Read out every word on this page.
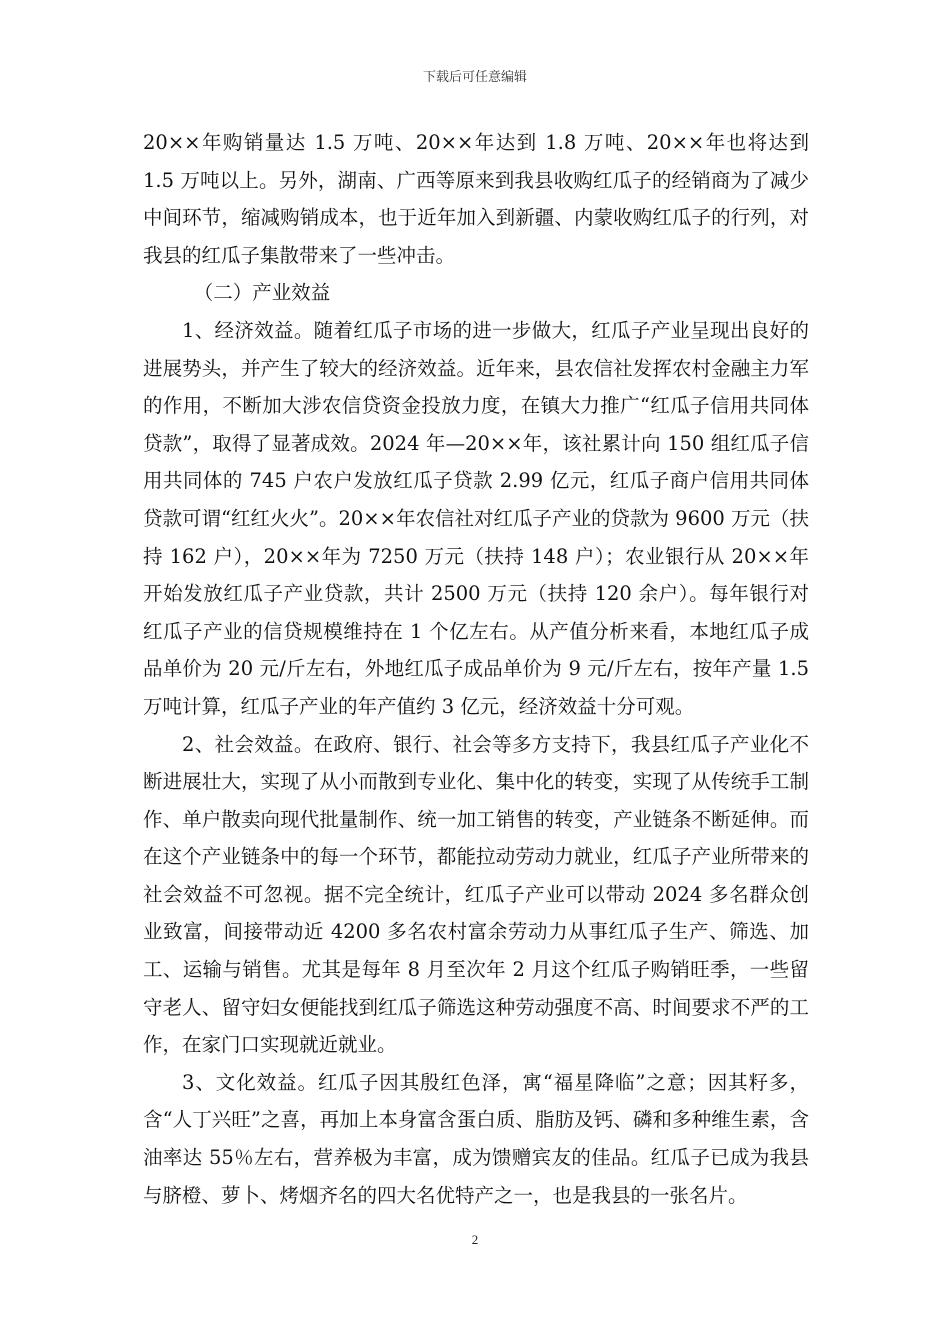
下载后可任意编辑

20××年购销量达 1.5 万吨、20××年达到 1.8 万吨、20××年也将达到 1.5 万吨以上。另外，湖南、广西等原来到我县收购红瓜子的经销商为了减少中间环节，缩减购销成本，也于近年加入到新疆、内蒙收购红瓜子的行列，对我县的红瓜子集散带来了一些冲击。

（二）产业效益

1、经济效益。随着红瓜子市场的进一步做大，红瓜子产业呈现出良好的进展势头，并产生了较大的经济效益。近年来，县农信社发挥农村金融主力军的作用，不断加大涉农信贷资金投放力度，在镇大力推广“红瓜子信用共同体贷款”，取得了显著成效。2024 年—20××年，该社累计向 150 组红瓜子信用共同体的 745 户农户发放红瓜子贷款 2.99 亿元，红瓜子商户信用共同体贷款可谓“红红火火”。20××年农信社对红瓜子产业的贷款为 9600 万元（扶持 162 户），20××年为 7250 万元（扶持 148 户）；农业银行从 20××年开始发放红瓜子产业贷款，共计 2500 万元（扶持 120 余户）。每年银行对红瓜子产业的信贷规模维持在 1 个亿左右。从产值分析来看，本地红瓜子成品单价为 20 元/斤左右，外地红瓜子成品单价为 9 元/斤左右，按年产量 1.5 万吨计算，红瓜子产业的年产值约 3 亿元，经济效益十分可观。

2、社会效益。在政府、银行、社会等多方支持下，我县红瓜子产业化不断进展壮大，实现了从小而散到专业化、集中化的转变，实现了从传统手工制作、单户散卖向现代批量制作、统一加工销售的转变，产业链条不断延伸。而在这个产业链条中的每一个环节，都能拉动劳动力就业，红瓜子产业所带来的社会效益不可忽视。据不完全统计，红瓜子产业可以带动 2024 多名群众创业致富，间接带动近 4200 多名农村富余劳动力从事红瓜子生产、筛选、加工、运输与销售。尤其是每年 8 月至次年 2 月这个红瓜子购销旺季，一些留守老人、留守妇女便能找到红瓜子筛选这种劳动强度不高、时间要求不严的工作，在家门口实现就近就业。

3、文化效益。红瓜子因其殷红色泽，寓“福星降临”之意；因其籽多，含“人丁兴旺”之喜，再加上本身富含蛋白质、脂肪及钙、磷和多种维生素，含油率达 55％左右，营养极为丰富，成为馈赠宾友的佳品。红瓜子已成为我县与脐橙、萝卜、烤烟齐名的四大名优特产之一，也是我县的一张名片。

2
